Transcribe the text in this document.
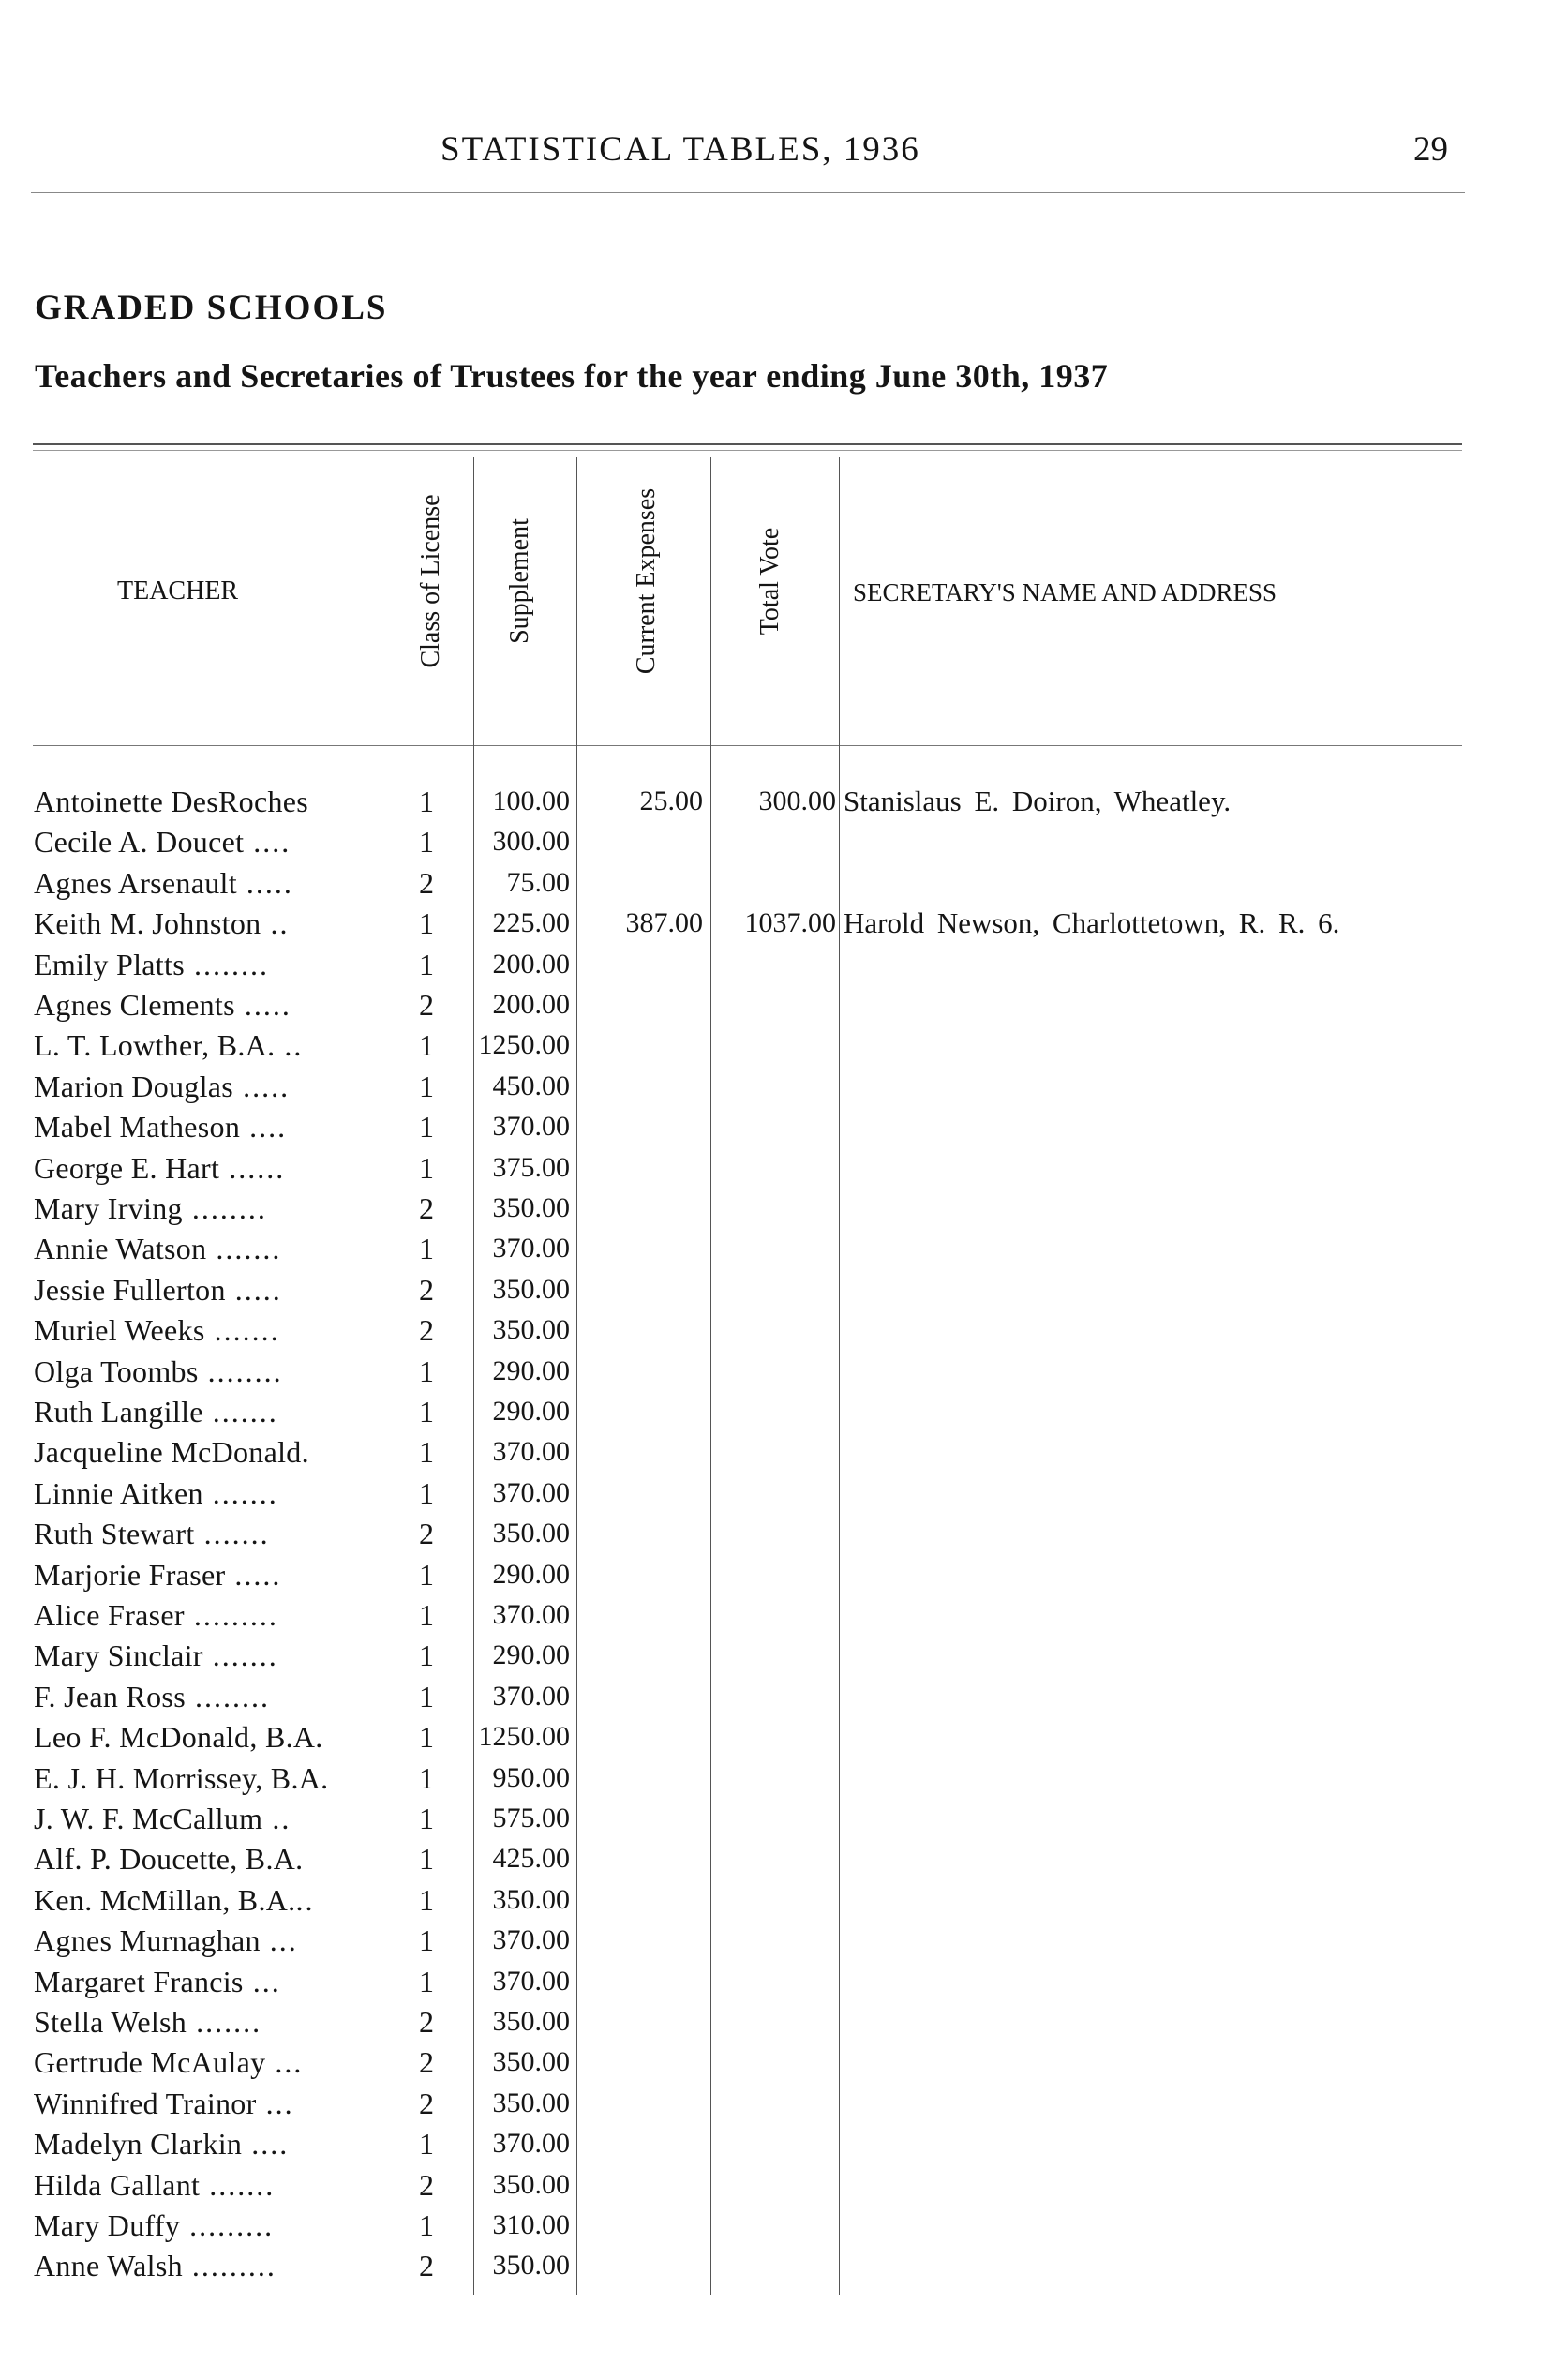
STATISTICAL TABLES, 1936	29
GRADED SCHOOLS
Teachers and Secretaries of Trustees for the year ending June 30th, 1937
TEACHER	Class of License Supplement	Current Expenses	Total Vote	SECRETARY'S NAME AND ADDRESS
Antoinette DesRoches	1	100.00	25.00	300.00 Stanislaus E. Doiron, Wheatley.
Cecile A. Doucet ....	1	300.00
Agnes Arsenault .....	2	75.00
Keith M. Johnston ..	1	225.00	387.00	1037.00 Harold Newson, Charlottetown, R. R. 6.
Emily Platts ........	1	200.00
Agnes Clements .....	2	200.00
L. T. Lowther, B.A. ..	1	1250.00
Marion Douglas .....	1	450.00
Mabel Matheson ....	1	370.00
George E. Hart ......	1	375.00
Mary Irving ........	2	350.00
Annie Watson .......	1	370.00
Jessie Fullerton .....	2	350.00
Muriel Weeks .......	2	350.00
Olga Toombs ........	1	290.00
Ruth Langille .......	1	290.00
Jacqueline McDonald.	1	370.00
Linnie Aitken .......	1	370.00
Ruth Stewart .......	2	350.00
Marjorie Fraser .....	1	290.00
Alice Fraser .........	1	370.00
Mary Sinclair .......	1	290.00
F. Jean Ross ........	1	370.00
Leo F. McDonald, B.A.	1	1250.00
E. J. H. Morrissey, B.A.	1	950.00
J. W. F. McCallum ..	1	575.00
Alf. P. Doucette, B.A.	1	425.00
Ken. McMillan, B.A...	1	350.00
Agnes Murnaghan ...	1	370.00
Margaret Francis ...	1	370.00
Stella Welsh .......	2	350.00
Gertrude McAulay ...	2	350.00
Winnifred Trainor ...	2	350.00
Madelyn Clarkin ....	1	370.00
Hilda Gallant .......	2	350.00
Mary Duffy .........	1	310.00
Anne Walsh .........	2	350.00
